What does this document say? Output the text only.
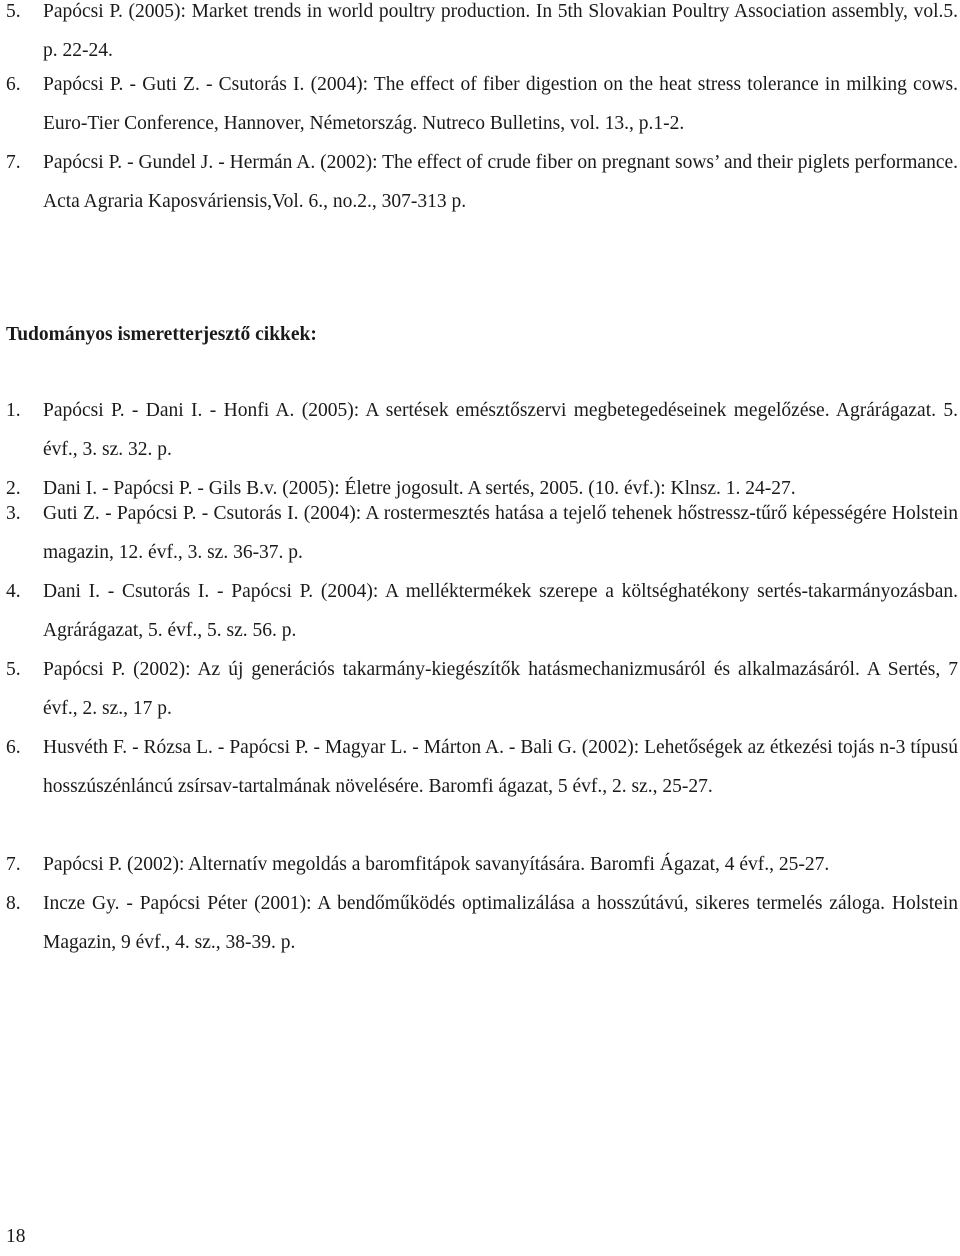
5. Papócsi P. (2005): Market trends in world poultry production. In 5th Slovakian Poultry Association assembly, vol.5. p. 22-24.
6. Papócsi P. - Guti Z. - Csutorás I. (2004): The effect of fiber digestion on the heat stress tolerance in milking cows. Euro-Tier Conference, Hannover, Németország. Nutreco Bulletins, vol. 13., p.1-2.
7. Papócsi P. - Gundel J. - Hermán A. (2002): The effect of crude fiber on pregnant sows’ and their piglets performance. Acta Agraria Kaposváriensis,Vol. 6., no.2., 307-313 p.
Tudományos ismeretterjesztő cikkek:
1. Papócsi P. - Dani I. - Honfi A. (2005): A sertések emésztőszervi megbetegedéseinek megelőzése. Agrárágazat. 5. évf., 3. sz. 32. p.
2. Dani I. - Papócsi P. - Gils B.v. (2005): Életre jogosult. A sertés, 2005. (10. évf.): Klnsz. 1. 24-27.
3. Guti Z. - Papócsi P. - Csutorás I. (2004): A rostermesztés hatása a tejelő tehenek hőstressz-tűrő képességére Holstein magazin, 12. évf., 3. sz. 36-37. p.
4. Dani I. - Csutorás I. - Papócsi P. (2004): A melléktermékek szerepe a költséghatékony sertés-takarmányozásban. Agrárágazat, 5. évf., 5. sz. 56. p.
5. Papócsi P. (2002): Az új generációs takarmány-kiegészítők hatásmechanizmusáról és alkalmazásáról. A Sertés, 7 évf., 2. sz., 17 p.
6. Husvéth F. - Rózsa L. - Papócsi P. - Magyar L. - Márton A. - Bali G. (2002): Lehetőségek az étkezési tojás n-3 típusú hosszúszénláncú zsírsav-tartalmának növelésére. Baromfi ágazat, 5 évf., 2. sz., 25-27.
7. Papócsi P. (2002): Alternatív megoldás a baromfitápok savanyítására. Baromfi Ágazat, 4 évf., 25-27.
8. Incze Gy. - Papócsi Péter (2001): A bendőműködés optimalizálása a hosszútávú, sikeres termelés záloga. Holstein Magazin, 9 évf., 4. sz., 38-39. p.
18
